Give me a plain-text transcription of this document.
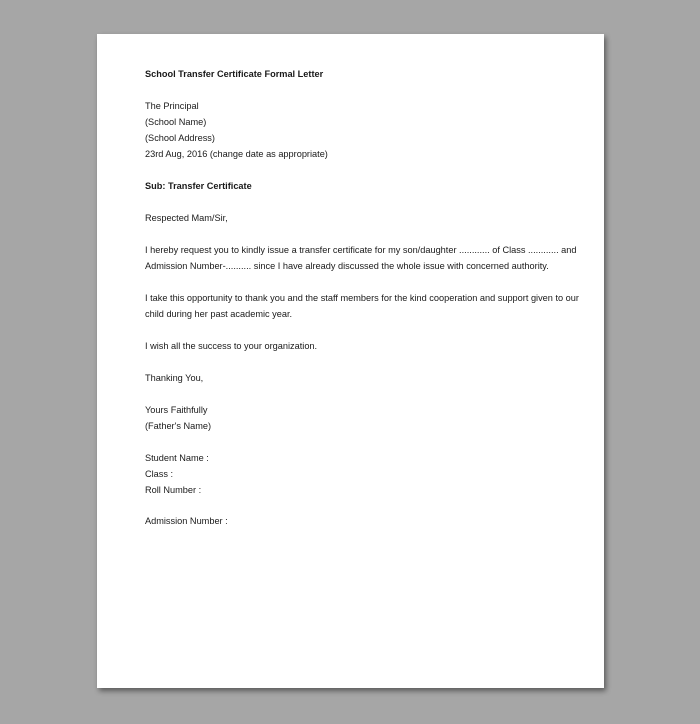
School Transfer Certificate Formal Letter
The Principal
(School Name)
(School Address)
23rd Aug, 2016 (change date as appropriate)
Sub: Transfer Certificate
Respected Mam/Sir,
I hereby request you to kindly issue a transfer certificate for my son/daughter ............ of Class ............ and
Admission Number-.......... since I have already discussed the whole issue with concerned authority.
I take this opportunity to thank you and the staff members for the kind cooperation and support given to our
child during her past academic year.
I wish all the success to your organization.
Thanking You,
Yours Faithfully
(Father's Name)
Student Name :
Class :
Roll Number :
Admission Number :
